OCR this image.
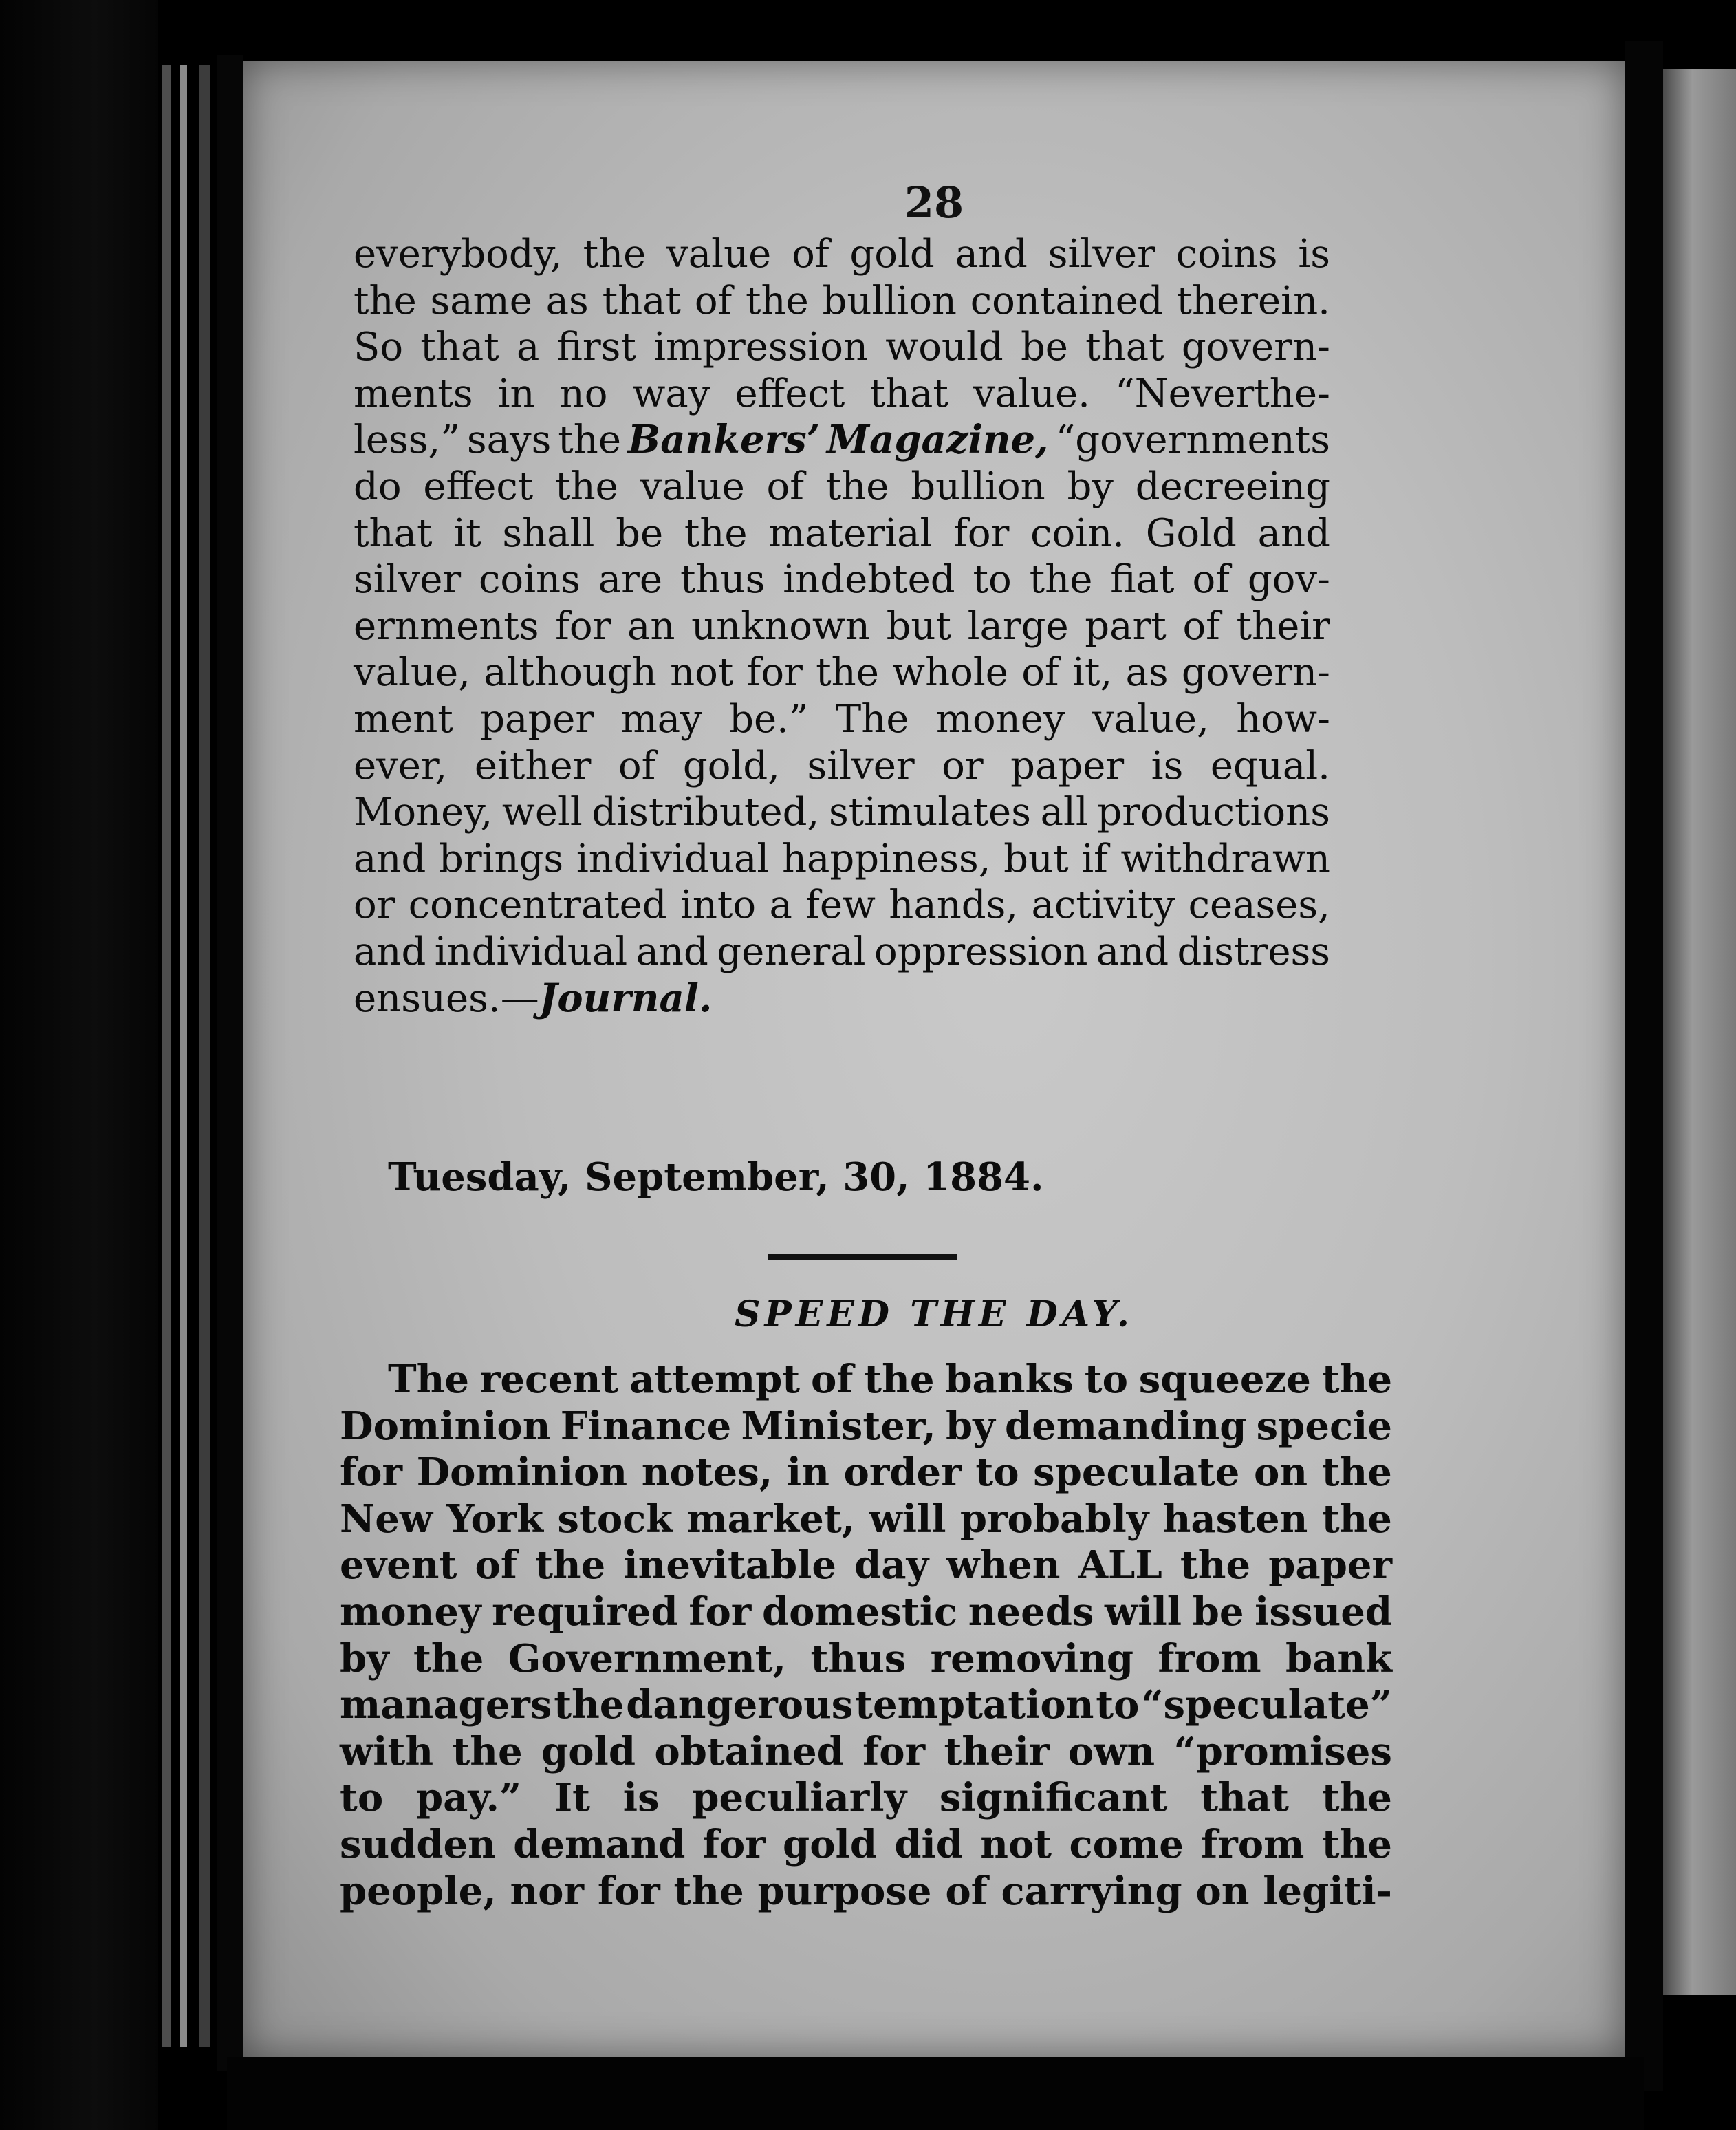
28

everybody, the value of gold and silver coins is
the same as that of the bullion contained therein.
So that a first impression would be that govern-
ments in no way effect that value. “Neverthe-
less,” says the Bankers’ Magazine, “governments
do effect the value of the bullion by decreeing
that it shall be the material for coin. Gold and
silver coins are thus indebted to the fiat of gov-
ernments for an unknown but large part of their
value, although not for the whole of it, as govern-
ment paper may be.” The money value, how-
ever, either of gold, silver or paper is equal.
Money, well distributed, stimulates all productions
and brings individual happiness, but if withdrawn
or concentrated into a few hands, activity ceases,
and individual and general oppression and distress
ensues.—Journal.

Tuesday, September, 30, 1884.

SPEED THE DAY.

The recent attempt of the banks to squeeze the
Dominion Finance Minister, by demanding specie
for Dominion notes, in order to speculate on the
New York stock market, will probably hasten the
event of the inevitable day when ALL the paper
money required for domestic needs will be issued
by the Government, thus removing from bank
managers the dangerous temptation to “speculate”
with the gold obtained for their own “promises
to pay.” It is peculiarly significant that the
sudden demand for gold did not come from the
people, nor for the purpose of carrying on legiti-
